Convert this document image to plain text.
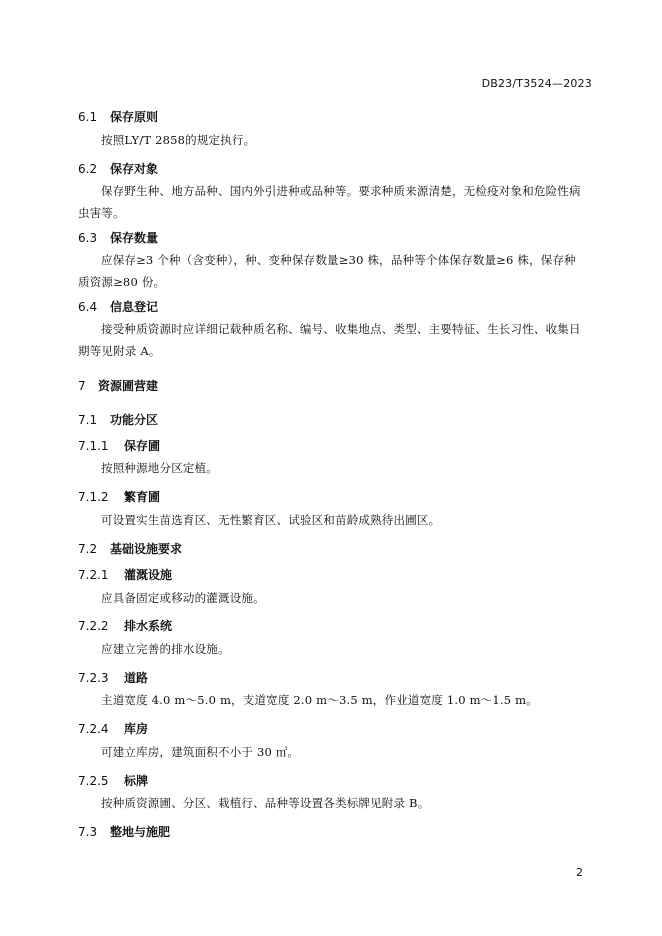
DB23/T3524—2023
6.1 保存原则
按照LY/T 2858的规定执行。
6.2 保存对象
保存野生种、地方品种、国内外引进种或品种等。要求种质来源清楚，无检疫对象和危险性病虫害等。
6.3 保存数量
应保存≥3 个种（含变种），种、变种保存数量≥30 株，品种等个体保存数量≥6 株，保存种质资源≥80 份。
6.4 信息登记
接受种质资源时应详细记载种质名称、编号、收集地点、类型、主要特征、生长习性、收集日期等见附录 A。
7 资源圃营建
7.1 功能分区
7.1.1 保存圃
按照种源地分区定植。
7.1.2 繁育圃
可设置实生苗选育区、无性繁育区、试验区和苗龄成熟待出圃区。
7.2 基础设施要求
7.2.1 灌溉设施
应具备固定或移动的灌溉设施。
7.2.2 排水系统
应建立完善的排水设施。
7.2.3 道路
主道宽度 4.0 m～5.0 m，支道宽度 2.0 m～3.5 m，作业道宽度 1.0 m～1.5 m。
7.2.4 库房
可建立库房，建筑面积不小于 30 ㎡。
7.2.5 标牌
按种质资源圃、分区、栽植行、品种等设置各类标牌见附录 B。
7.3 整地与施肥
2
